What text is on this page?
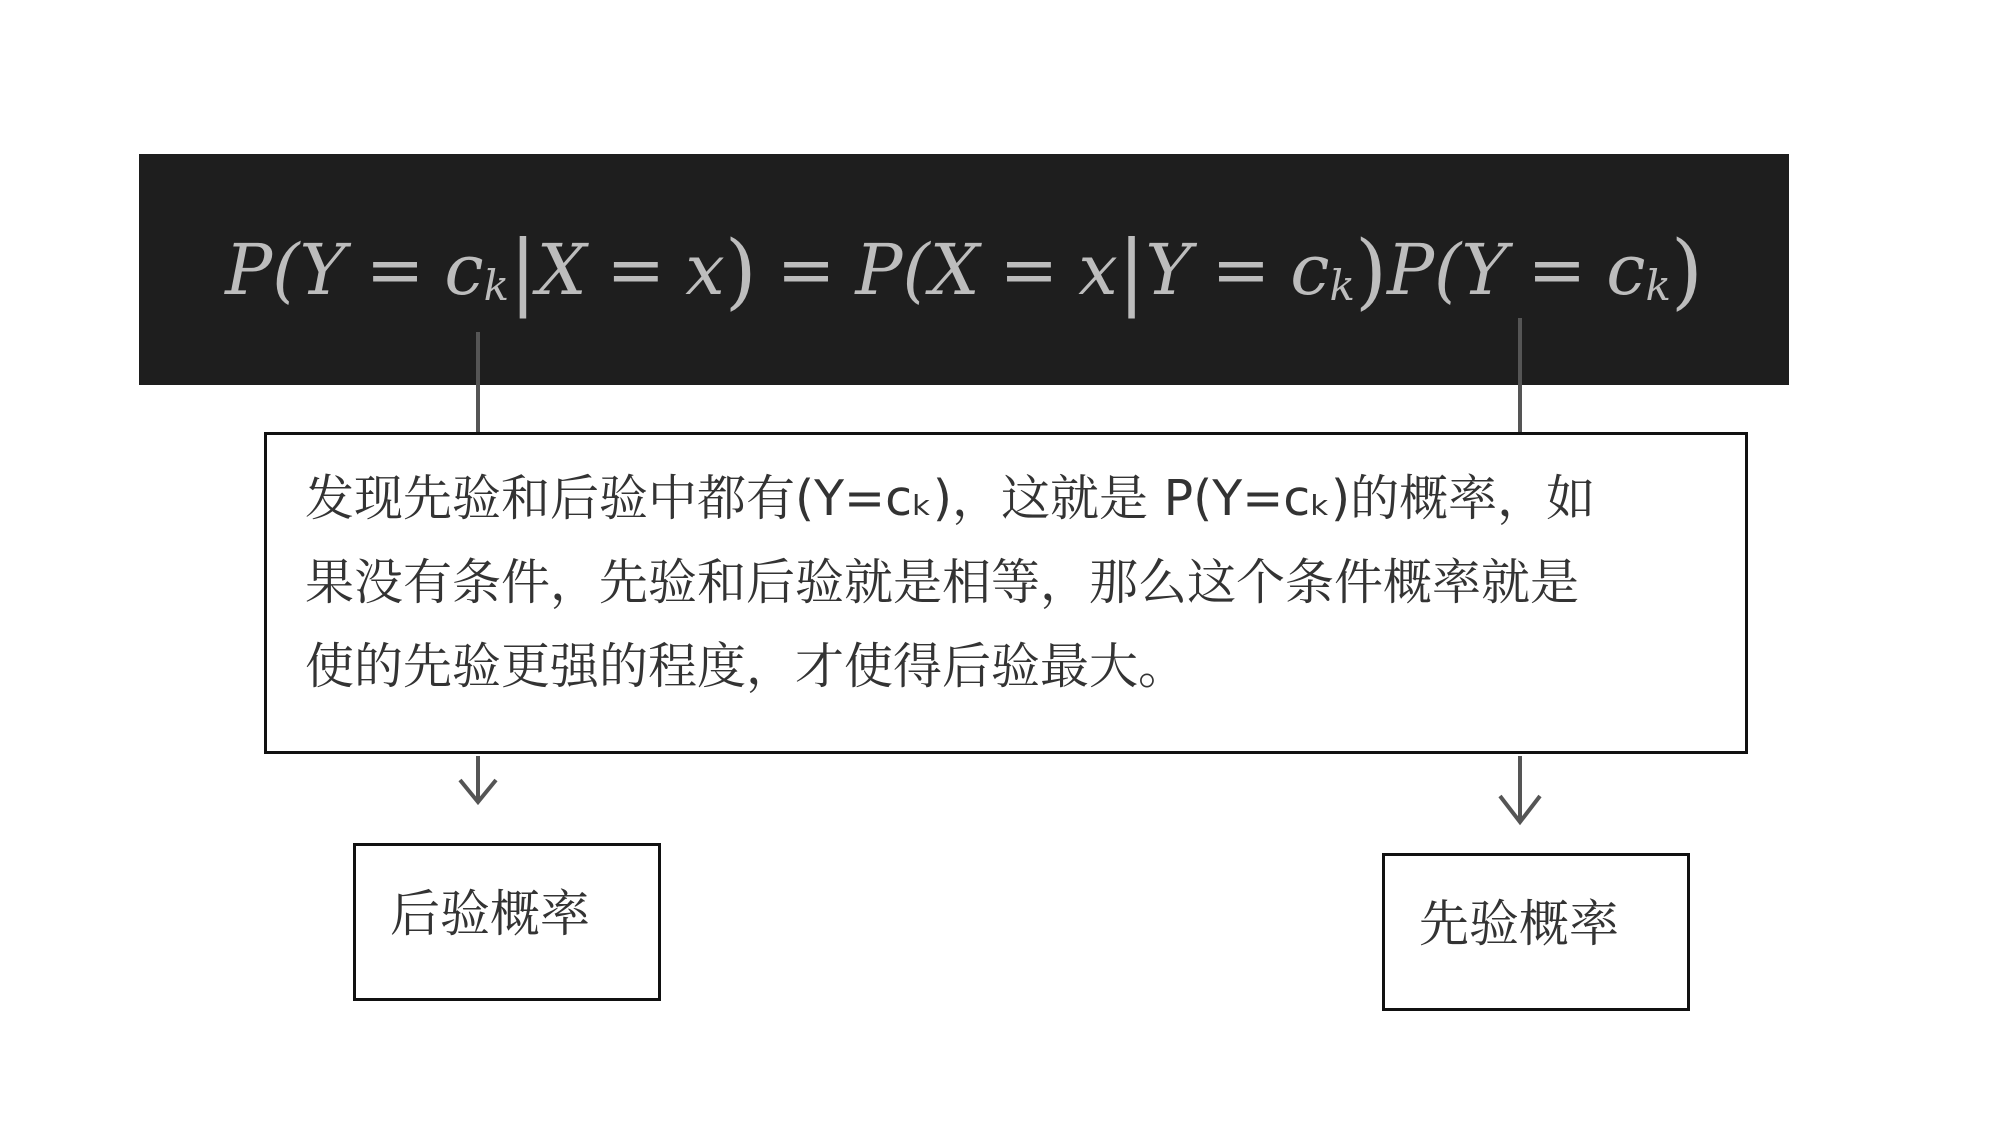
P( Y = c k | X = x ) = P( X = x | Y = c k ) P( Y = c k )
发现先验和后验中都有(Y=cₖ)，这就是 P(Y=cₖ)的概率，如
果没有条件，先验和后验就是相等，那么这个条件概率就是
使的先验更强的程度，才使得后验最大。
后验概率	先验概率
